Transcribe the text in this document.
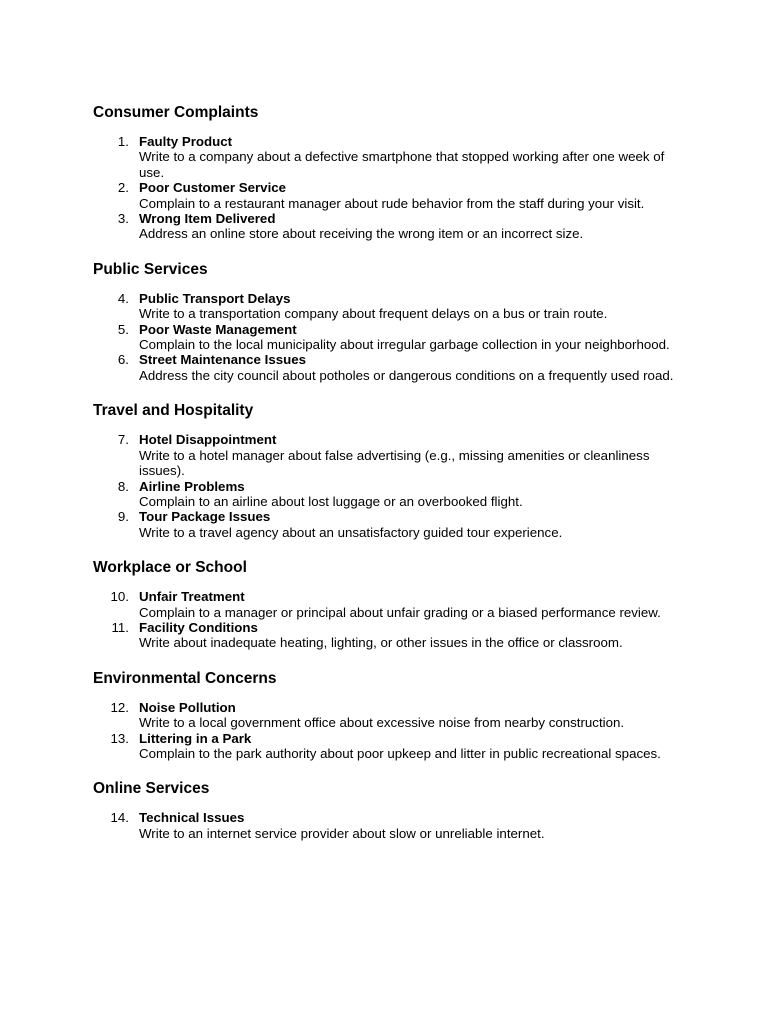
Consumer Complaints
1. Faulty Product
Write to a company about a defective smartphone that stopped working after one week of use.
2. Poor Customer Service
Complain to a restaurant manager about rude behavior from the staff during your visit.
3. Wrong Item Delivered
Address an online store about receiving the wrong item or an incorrect size.
Public Services
4. Public Transport Delays
Write to a transportation company about frequent delays on a bus or train route.
5. Poor Waste Management
Complain to the local municipality about irregular garbage collection in your neighborhood.
6. Street Maintenance Issues
Address the city council about potholes or dangerous conditions on a frequently used road.
Travel and Hospitality
7. Hotel Disappointment
Write to a hotel manager about false advertising (e.g., missing amenities or cleanliness issues).
8. Airline Problems
Complain to an airline about lost luggage or an overbooked flight.
9. Tour Package Issues
Write to a travel agency about an unsatisfactory guided tour experience.
Workplace or School
10. Unfair Treatment
Complain to a manager or principal about unfair grading or a biased performance review.
11. Facility Conditions
Write about inadequate heating, lighting, or other issues in the office or classroom.
Environmental Concerns
12. Noise Pollution
Write to a local government office about excessive noise from nearby construction.
13. Littering in a Park
Complain to the park authority about poor upkeep and litter in public recreational spaces.
Online Services
14. Technical Issues
Write to an internet service provider about slow or unreliable internet.
